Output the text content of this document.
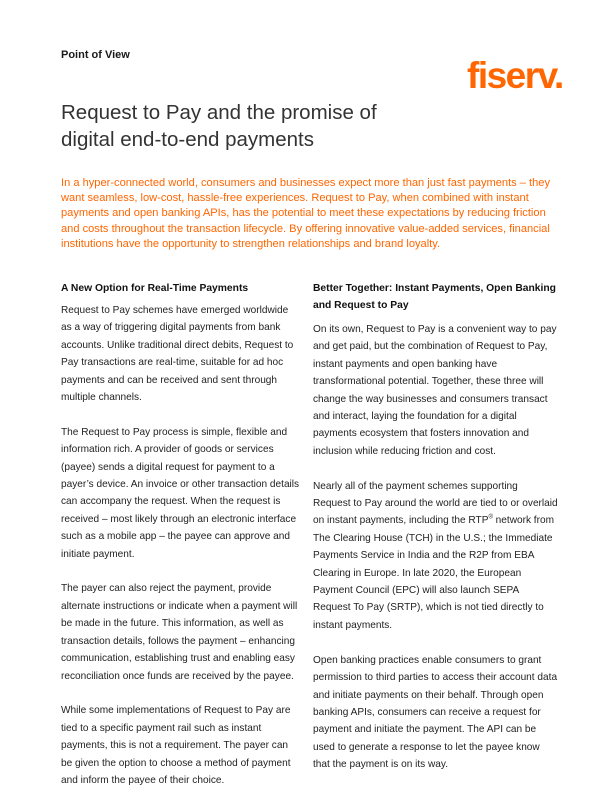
Point of View	fiserv.
Request to Pay and the promise of
digital end-to-end payments
In a hyper-connected world, consumers and businesses expect more than just fast payments – they want seamless, low-cost, hassle-free experiences. Request to Pay, when combined with instant payments and open banking APIs, has the potential to meet these expectations by reducing friction and costs throughout the transaction lifecycle. By offering innovative value-added services, financial institutions have the opportunity to strengthen relationships and brand loyalty.
A New Option for Real-Time Payments

Request to Pay schemes have emerged worldwide as a way of triggering digital payments from bank accounts. Unlike traditional direct debits, Request to Pay transactions are real-time, suitable for ad hoc payments and can be received and sent through multiple channels.

The Request to Pay process is simple, flexible and information rich. A provider of goods or services (payee) sends a digital request for payment to a payer’s device. An invoice or other transaction details can accompany the request. When the request is received – most likely through an electronic interface such as a mobile app – the payee can approve and initiate payment.

The payer can also reject the payment, provide alternate instructions or indicate when a payment will be made in the future. This information, as well as transaction details, follows the payment – enhancing communication, establishing trust and enabling easy reconciliation once funds are received by the payee.

While some implementations of Request to Pay are tied to a specific payment rail such as instant payments, this is not a requirement. The payer can be given the option to choose a method of payment and inform the payee of their choice.

Better Together: Instant Payments, Open Banking and Request to Pay

On its own, Request to Pay is a convenient way to pay and get paid, but the combination of Request to Pay, instant payments and open banking have transformational potential. Together, these three will change the way businesses and consumers transact and interact, laying the foundation for a digital payments ecosystem that fosters innovation and inclusion while reducing friction and cost.

Nearly all of the payment schemes supporting Request to Pay around the world are tied to or overlaid on instant payments, including the RTP® network from The Clearing House (TCH) in the U.S.; the Immediate Payments Service in India and the R2P from EBA Clearing in Europe. In late 2020, the European Payment Council (EPC) will also launch SEPA Request To Pay (SRTP), which is not tied directly to instant payments.

Open banking practices enable consumers to grant permission to third parties to access their account data and initiate payments on their behalf. Through open banking APIs, consumers can receive a request for payment and initiate the payment. The API can be used to generate a response to let the payee know that the payment is on its way.
